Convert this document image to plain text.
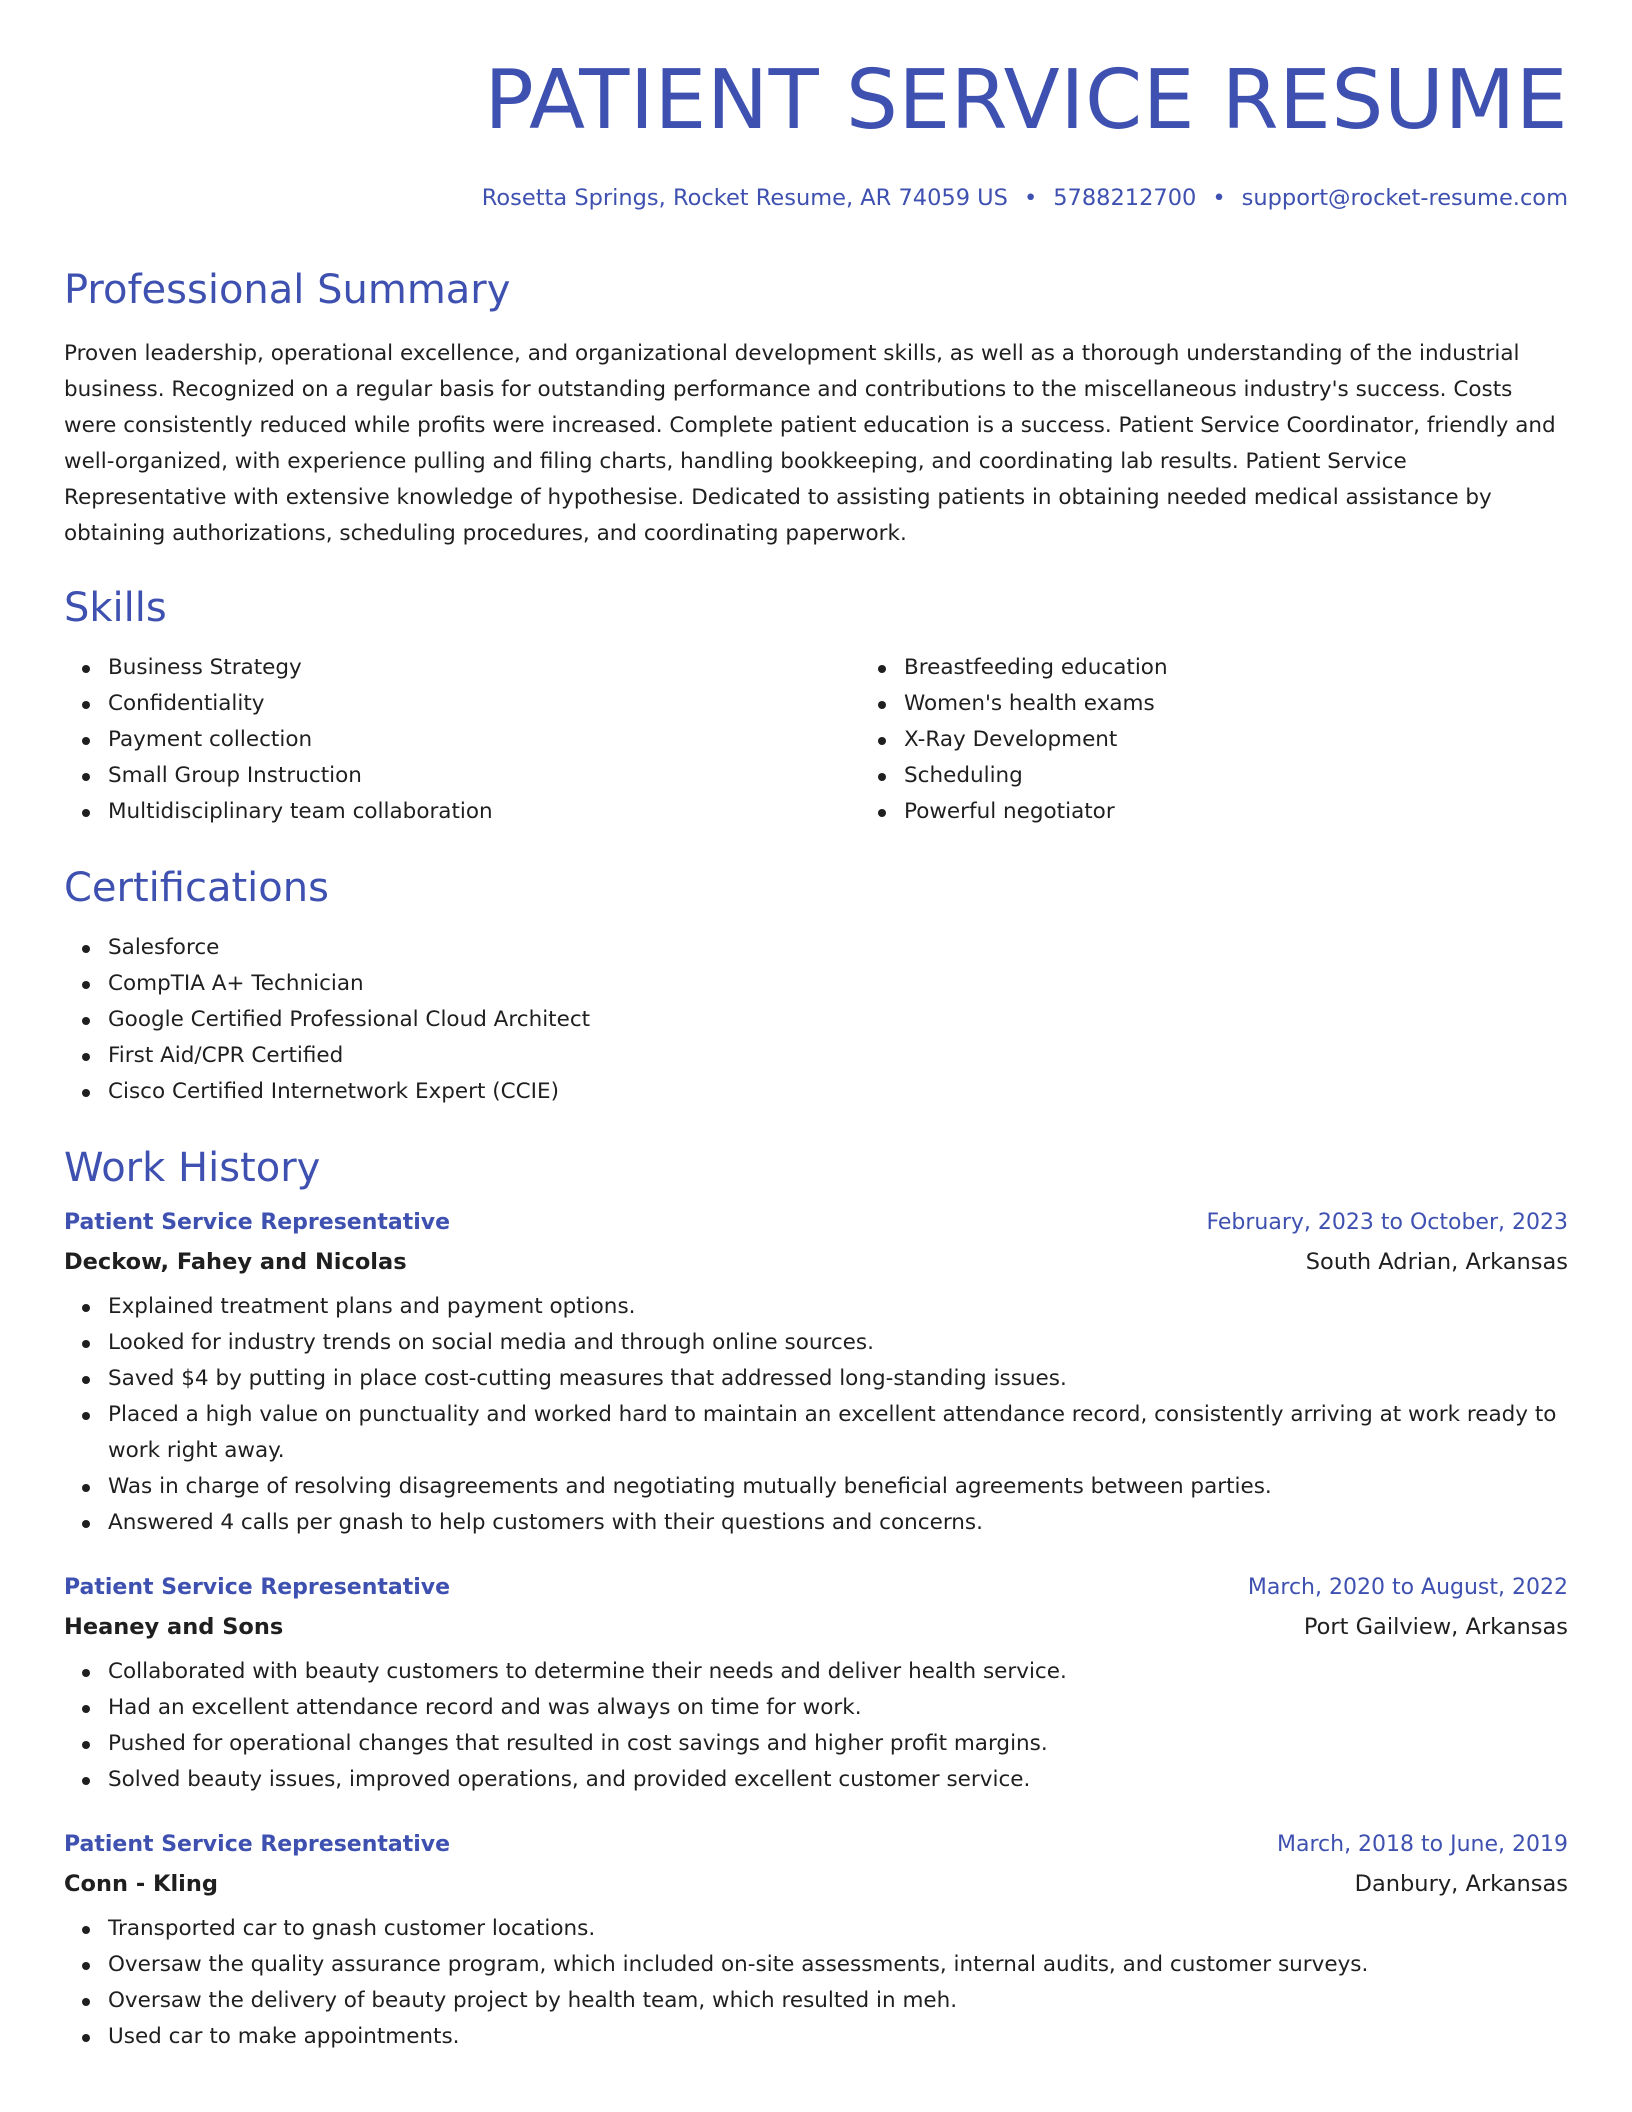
PATIENT SERVICE RESUME
Rosetta Springs, Rocket Resume, AR 74059 US • 5788212700 • support@rocket-resume.com
Professional Summary
Proven leadership, operational excellence, and organizational development skills, as well as a thorough understanding of the industrial business. Recognized on a regular basis for outstanding performance and contributions to the miscellaneous industry's success. Costs were consistently reduced while profits were increased. Complete patient education is a success. Patient Service Coordinator, friendly and well-organized, with experience pulling and filing charts, handling bookkeeping, and coordinating lab results. Patient Service Representative with extensive knowledge of hypothesise. Dedicated to assisting patients in obtaining needed medical assistance by obtaining authorizations, scheduling procedures, and coordinating paperwork.
Skills
Business Strategy
Confidentiality
Payment collection
Small Group Instruction
Multidisciplinary team collaboration
Breastfeeding education
Women's health exams
X-Ray Development
Scheduling
Powerful negotiator
Certifications
Salesforce
CompTIA A+ Technician
Google Certified Professional Cloud Architect
First Aid/CPR Certified
Cisco Certified Internetwork Expert (CCIE)
Work History
Patient Service Representative	February, 2023 to October, 2023
Deckow, Fahey and Nicolas	South Adrian, Arkansas
Explained treatment plans and payment options.
Looked for industry trends on social media and through online sources.
Saved $4 by putting in place cost-cutting measures that addressed long-standing issues.
Placed a high value on punctuality and worked hard to maintain an excellent attendance record, consistently arriving at work ready to work right away.
Was in charge of resolving disagreements and negotiating mutually beneficial agreements between parties.
Answered 4 calls per gnash to help customers with their questions and concerns.
Patient Service Representative	March, 2020 to August, 2022
Heaney and Sons	Port Gailview, Arkansas
Collaborated with beauty customers to determine their needs and deliver health service.
Had an excellent attendance record and was always on time for work.
Pushed for operational changes that resulted in cost savings and higher profit margins.
Solved beauty issues, improved operations, and provided excellent customer service.
Patient Service Representative	March, 2018 to June, 2019
Conn - Kling	Danbury, Arkansas
Transported car to gnash customer locations.
Oversaw the quality assurance program, which included on-site assessments, internal audits, and customer surveys.
Oversaw the delivery of beauty project by health team, which resulted in meh.
Used car to make appointments.
